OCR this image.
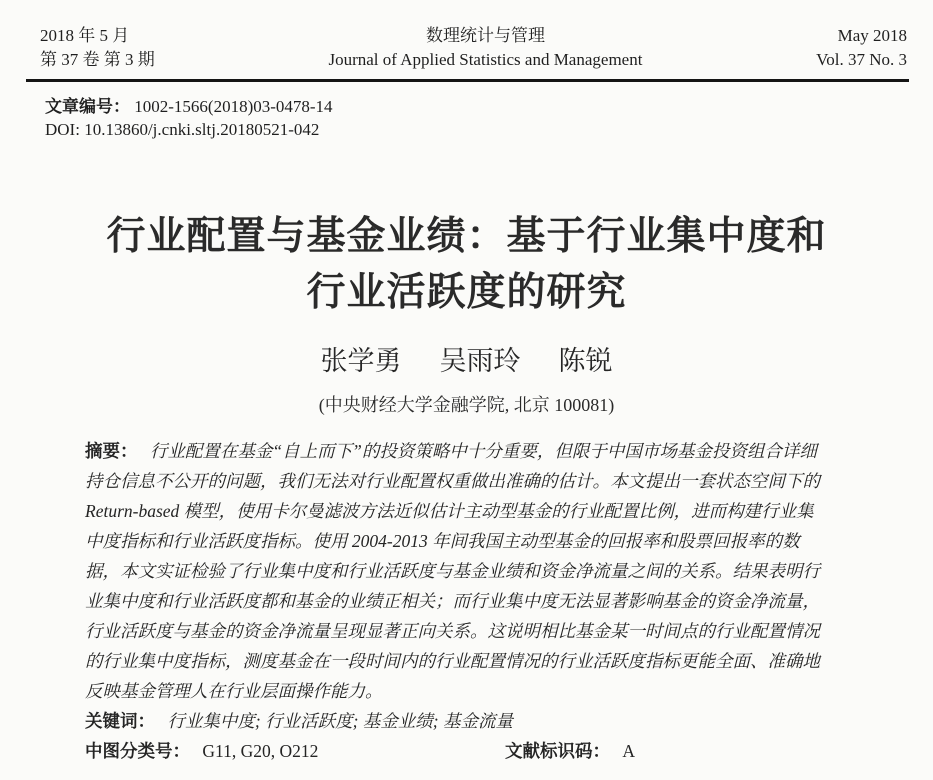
2018 年 5 月
第 37 卷 第 3 期
数理统计与管理
Journal of Applied Statistics and Management
May 2018
Vol. 37 No. 3
文章编号： 1002-1566(2018)03-0478-14
DOI: 10.13860/j.cnki.sltj.20180521-042
行业配置与基金业绩：基于行业集中度和
行业活跃度的研究
张学勇 吴雨玲 陈锐
(中央财经大学金融学院, 北京 100081)
摘要： 行业配置在基金“自上而下”的投资策略中十分重要，但限于中国市场基金投资组合详细
持仓信息不公开的问题，我们无法对行业配置权重做出准确的估计。本文提出一套状态空间下的
Return-based 模型，使用卡尔曼滤波方法近似估计主动型基金的行业配置比例，进而构建行业集
中度指标和行业活跃度指标。使用 2004-2013 年间我国主动型基金的回报率和股票回报率的数
据，本文实证检验了行业集中度和行业活跃度与基金业绩和资金净流量之间的关系。结果表明行
业集中度和行业活跃度都和基金的业绩正相关；而行业集中度无法显著影响基金的资金净流量，
行业活跃度与基金的资金净流量呈现显著正向关系。这说明相比基金某一时间点的行业配置情况
的行业集中度指标，测度基金在一段时间内的行业配置情况的行业活跃度指标更能全面、准确地
反映基金管理人在行业层面操作能力。
关键词： 行业集中度; 行业活跃度; 基金业绩; 基金流量
中图分类号： G11, G20, O212	文献标识码： A
